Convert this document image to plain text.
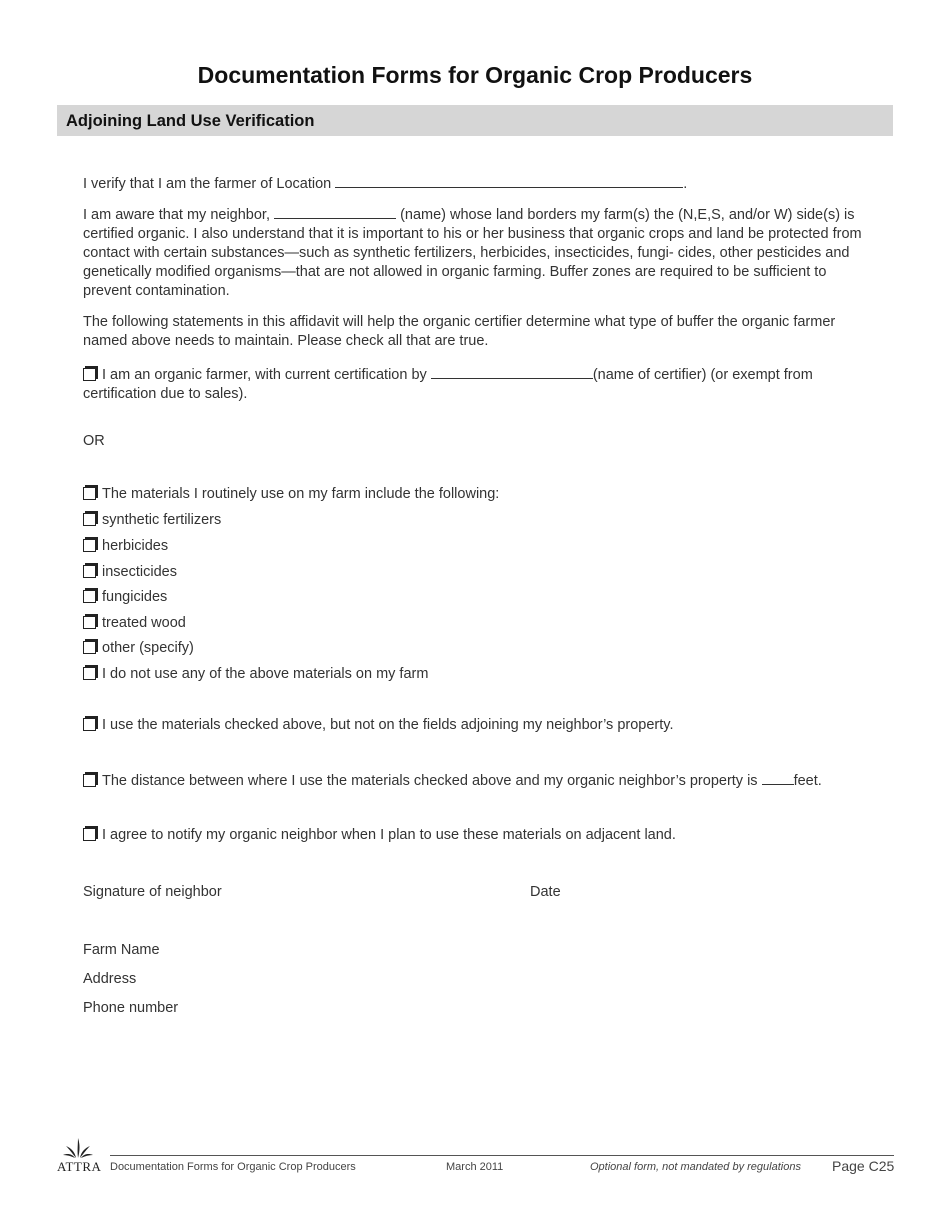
Documentation Forms for Organic Crop Producers
Adjoining Land Use Verification
I verify that I am the farmer of Location	.
I am aware that my neighbor,	(name) whose land borders my farm(s) the (N,E,S, and/or W) side(s) is certified organic. I also understand that it is important to his or her business that organic crops and land be protected from contact with certain substances—such as synthetic fertilizers, herbicides, insecticides, fungi- cides, other pesticides and genetically modified organisms—that are not allowed in organic farming. Buffer zones are required to be sufficient to prevent contamination.
The following statements in this affidavit will help the organic certifier determine what type of buffer the organic farmer named above needs to maintain. Please check all that are true.
I am an organic farmer, with current certification by	(name of certifier) (or exempt from certification due to sales).
OR
The materials I routinely use on my farm include the following:
synthetic fertilizers
herbicides
insecticides
fungicides
treated wood
other (specify)
I do not use any of the above materials on my farm
I use the materials checked above, but not on the fields adjoining my neighbor’s property.
The distance between where I use the materials checked above and my organic neighbor’s property is feet.
I agree to notify my organic neighbor when I plan to use these materials on adjacent land.
Signature of neighbor	Date
Farm Name
Address
Phone number
ATTRA Documentation Forms for Organic Crop Producers	March 2011	Optional form, not mandated by regulations Page C25
